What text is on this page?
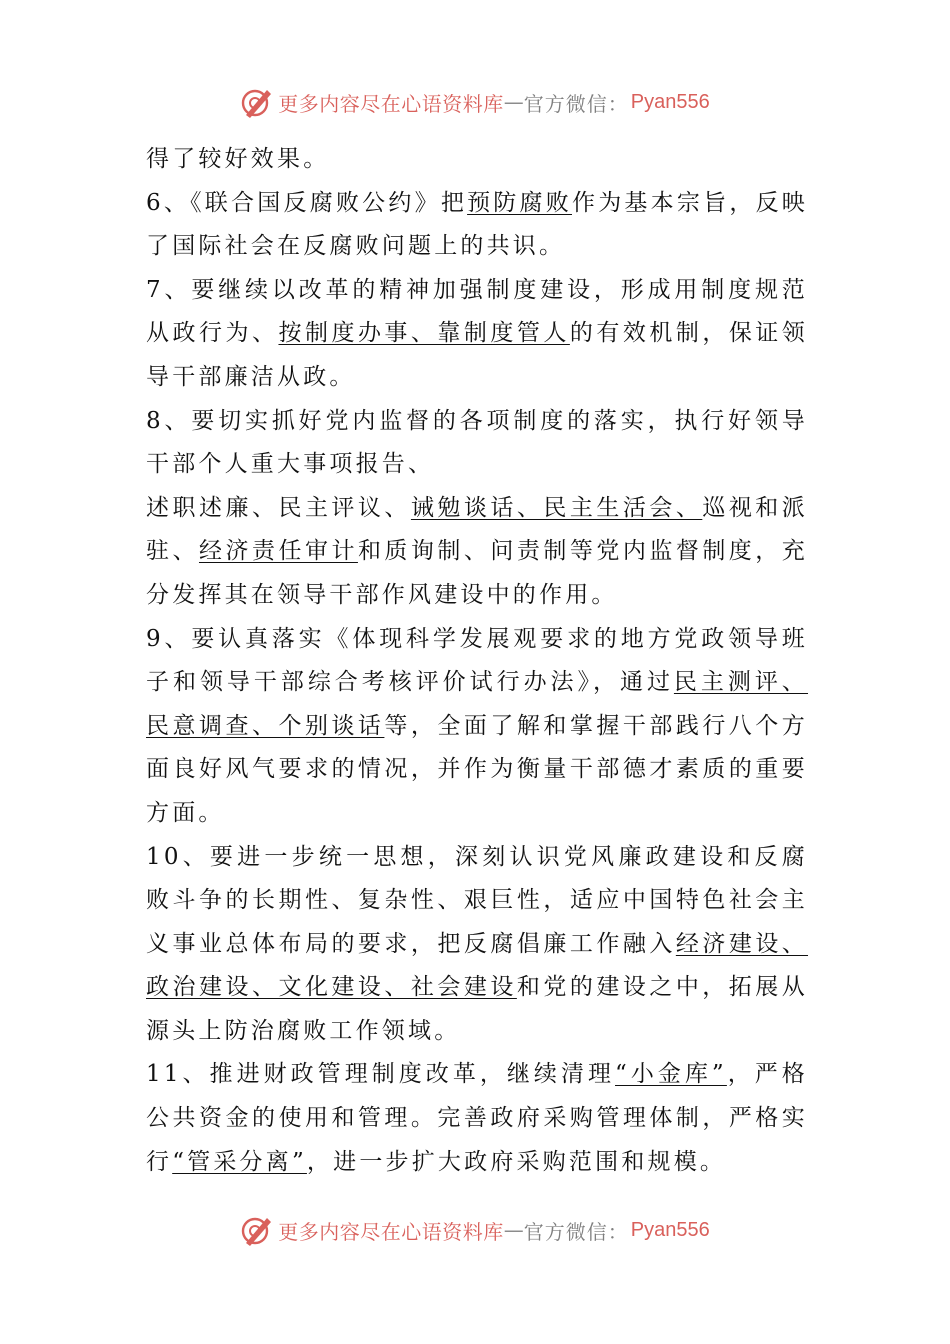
更多内容尽在心语资料库 — 官方微信： Pyan556

得了较好效果。

6、《联合国反腐败公约》把预防腐败作为基本宗旨，反映了国际社会在反腐败问题上的共识。

7、要继续以改革的精神加强制度建设，形成用制度规范从政行为、按制度办事、靠制度管人的有效机制，保证领导干部廉洁从政。

8、要切实抓好党内监督的各项制度的落实，执行好领导干部个人重大事项报告、

述职述廉、民主评议、诫勉谈话、民主生活会、巡视和派驻、经济责任审计和质询制、问责制等党内监督制度，充分发挥其在领导干部作风建设中的作用。

9、要认真落实《体现科学发展观要求的地方党政领导班子和领导干部综合考核评价试行办法》，通过民主测评、民意调查、个别谈话等，全面了解和掌握干部践行八个方面良好风气要求的情况，并作为衡量干部德才素质的重要方面。

10、要进一步统一思想，深刻认识党风廉政建设和反腐败斗争的长期性、复杂性、艰巨性，适应中国特色社会主义事业总体布局的要求，把反腐倡廉工作融入经济建设、政治建设、文化建设、社会建设和党的建设之中，拓展从源头上防治腐败工作领域。

11、推进财政管理制度改革，继续清理“小金库”，严格公共资金的使用和管理。完善政府采购管理体制，严格实行“管采分离”，进一步扩大政府采购范围和规模。

更多内容尽在心语资料库 — 官方微信： Pyan556
